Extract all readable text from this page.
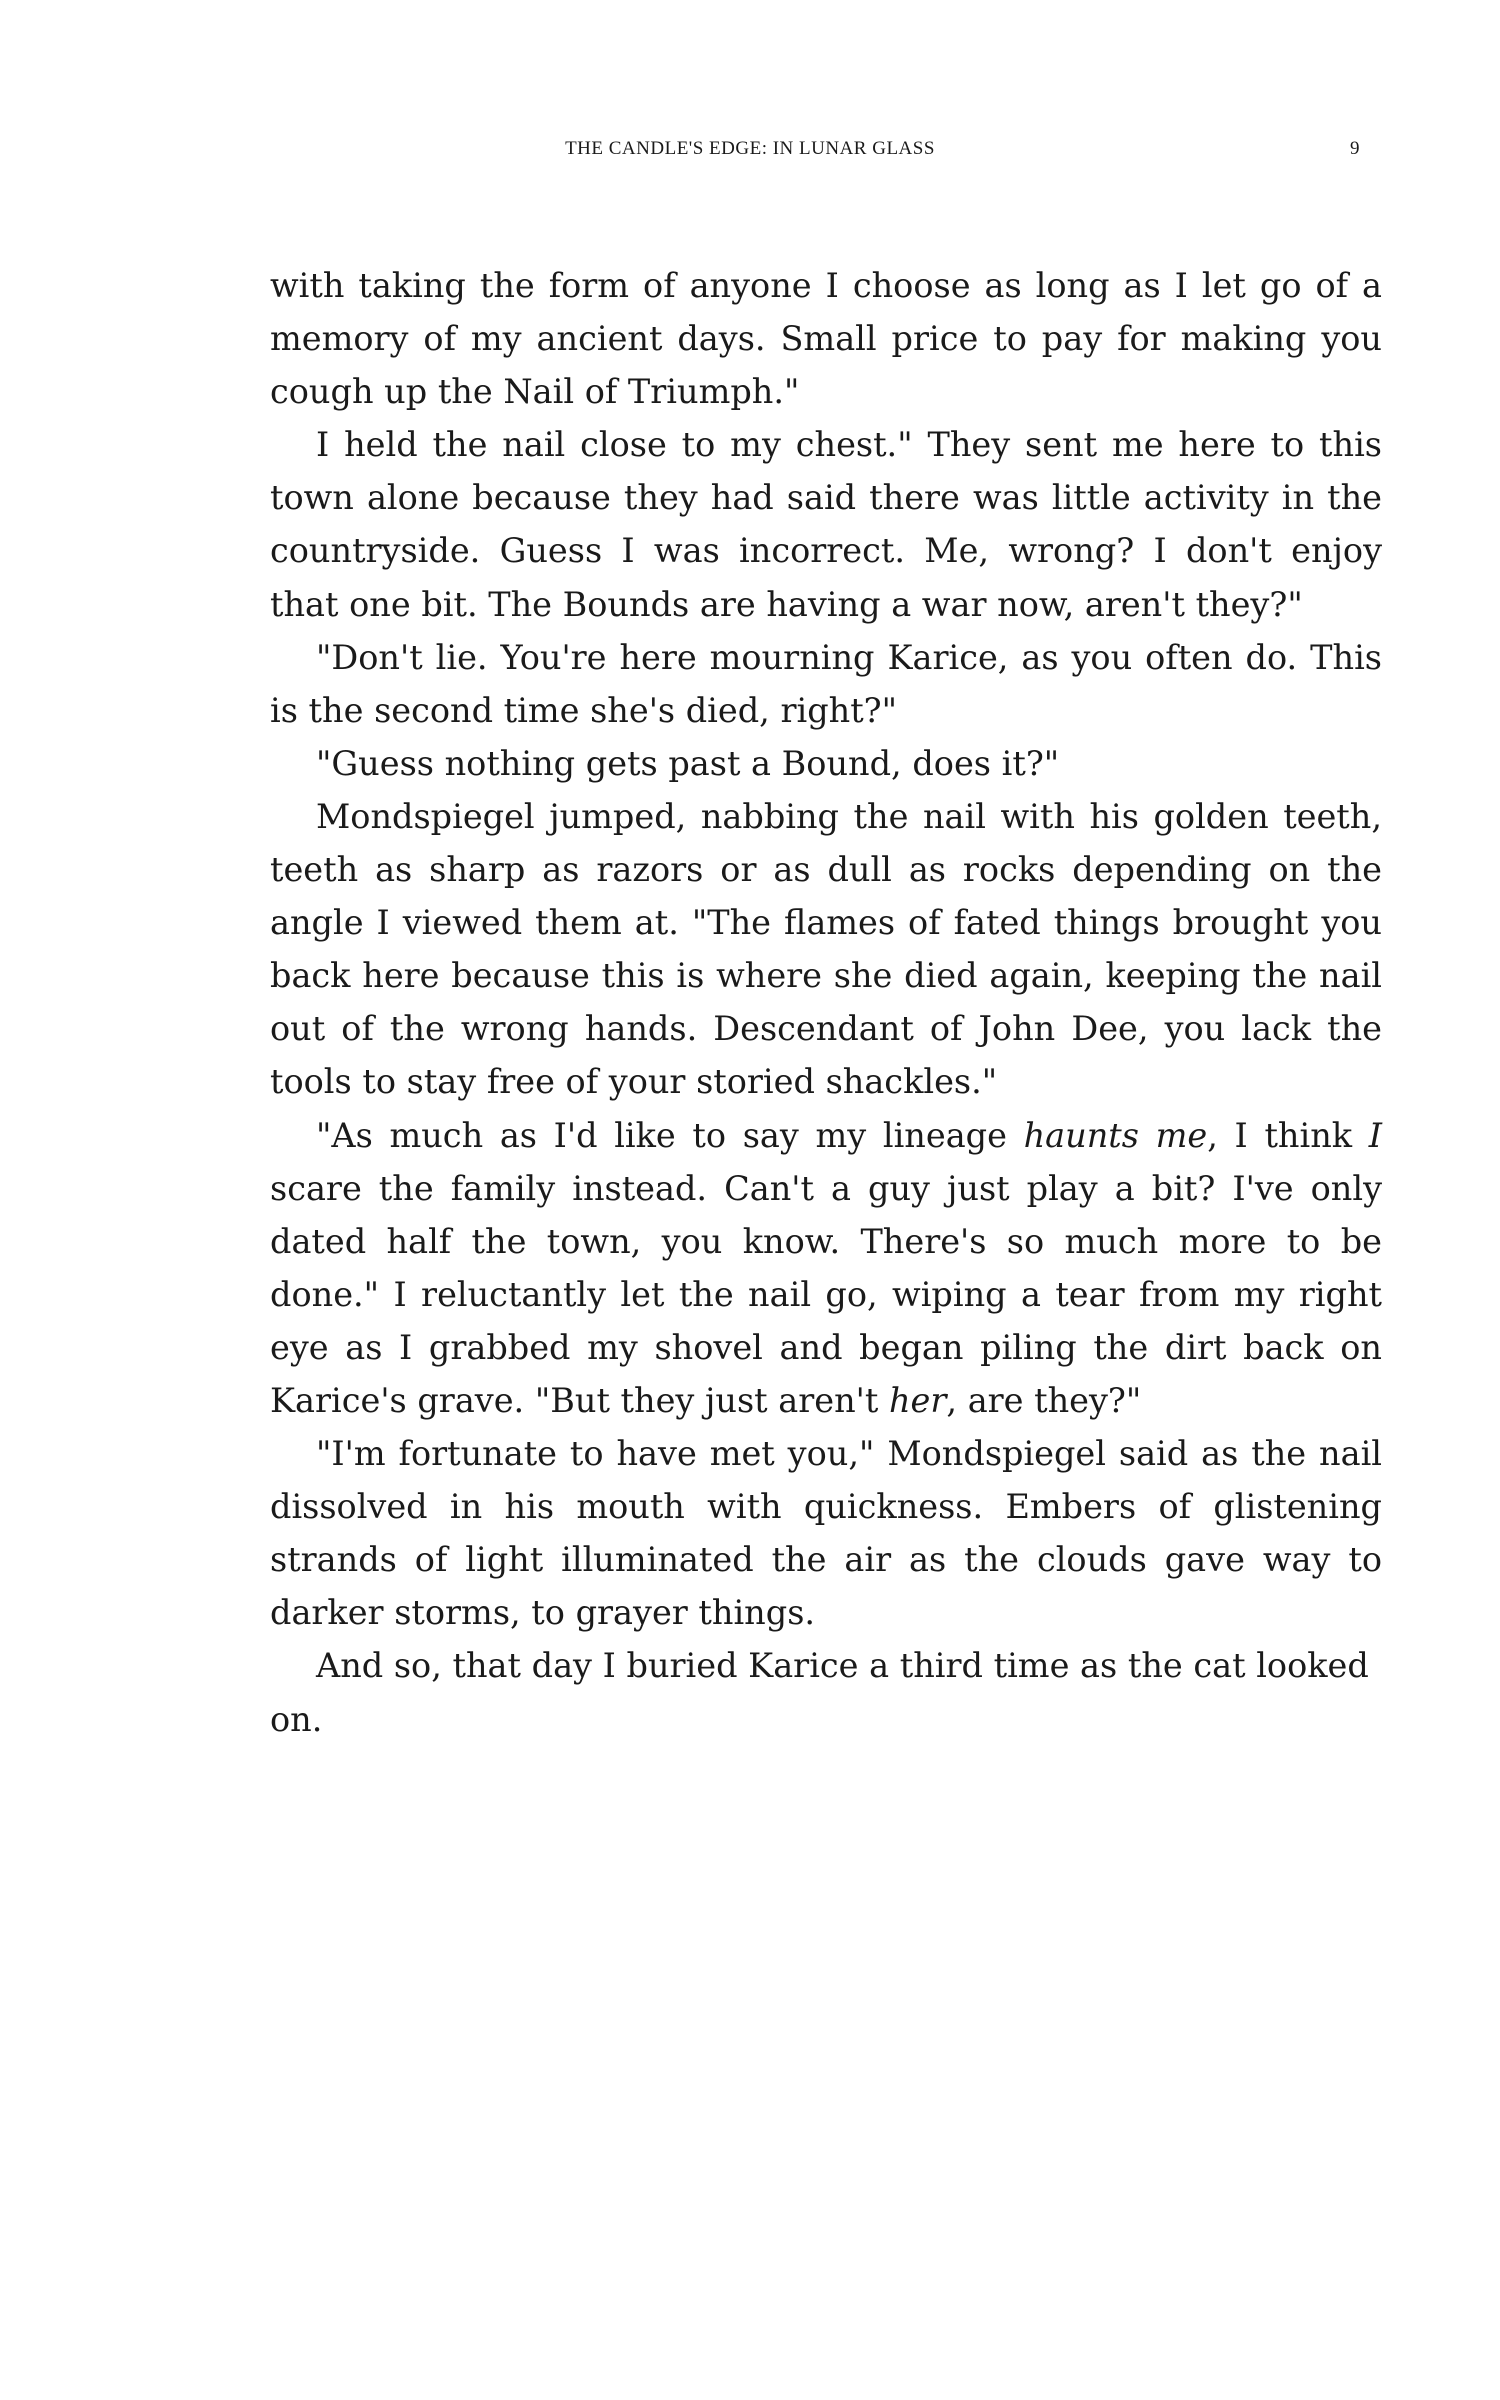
THE CANDLE'S EDGE: IN LUNAR GLASS	9

with taking the form of anyone I choose as long as I let go of a memory of my ancient days. Small price to pay for making you cough up the Nail of Triumph."

I held the nail close to my chest." They sent me here to this town alone because they had said there was little activity in the countryside. Guess I was incorrect. Me, wrong? I don't enjoy that one bit. The Bounds are having a war now, aren't they?"

"Don't lie. You're here mourning Karice, as you often do. This is the second time she's died, right?"

"Guess nothing gets past a Bound, does it?"

Mondspiegel jumped, nabbing the nail with his golden teeth, teeth as sharp as razors or as dull as rocks depending on the angle I viewed them at. "The flames of fated things brought you back here because this is where she died again, keeping the nail out of the wrong hands. Descendant of John Dee, you lack the tools to stay free of your storied shackles."

"As much as I'd like to say my lineage haunts me, I think I scare the family instead. Can't a guy just play a bit? I've only dated half the town, you know. There's so much more to be done." I reluctantly let the nail go, wiping a tear from my right eye as I grabbed my shovel and began piling the dirt back on Karice's grave. "But they just aren't her, are they?"

"I'm fortunate to have met you," Mondspiegel said as the nail dissolved in his mouth with quickness. Embers of glistening strands of light illuminated the air as the clouds gave way to darker storms, to grayer things.

And so, that day I buried Karice a third time as the cat looked on.
